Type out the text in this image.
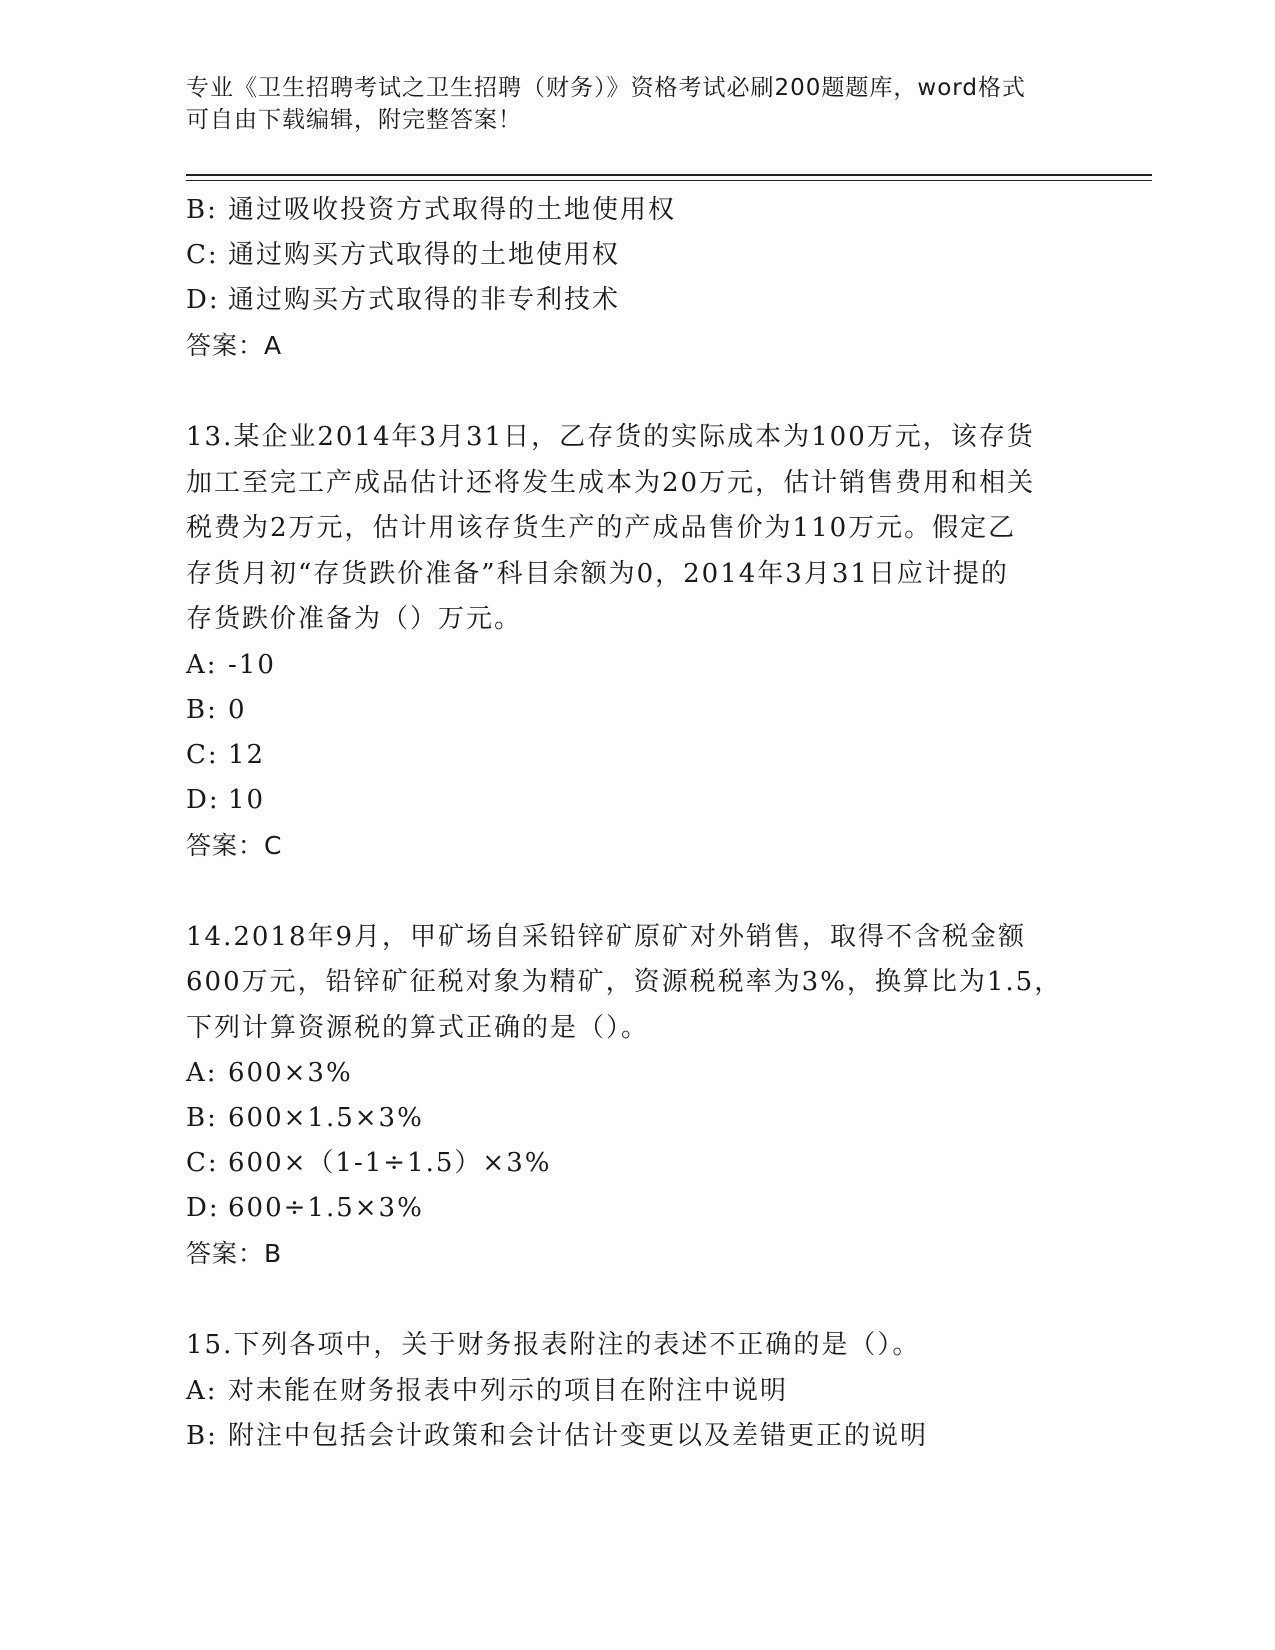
专业《卫生招聘考试之卫生招聘（财务）》资格考试必刷200题题库，word格式
可自由下载编辑，附完整答案！
B: 通过吸收投资方式取得的土地使用权
C: 通过购买方式取得的土地使用权
D: 通过购买方式取得的非专利技术
答案：A
13.某企业2014年3月31日，乙存货的实际成本为100万元，该存货
加工至完工产成品估计还将发生成本为20万元，估计销售费用和相关
税费为2万元，估计用该存货生产的产成品售价为110万元。假定乙
存货月初“存货跌价准备”科目余额为0，2014年3月31日应计提的
存货跌价准备为（）万元。
A: -10
B: 0
C: 12
D: 10
答案：C
14.2018年9月，甲矿场自采铅锌矿原矿对外销售，取得不含税金额
600万元，铅锌矿征税对象为精矿，资源税税率为3%，换算比为1.5，
下列计算资源税的算式正确的是（）。
A: 600×3%
B: 600×1.5×3%
C: 600×（1-1÷1.5）×3%
D: 600÷1.5×3%
答案：B
15.下列各项中，关于财务报表附注的表述不正确的是（）。
A: 对未能在财务报表中列示的项目在附注中说明
B: 附注中包括会计政策和会计估计变更以及差错更正的说明
